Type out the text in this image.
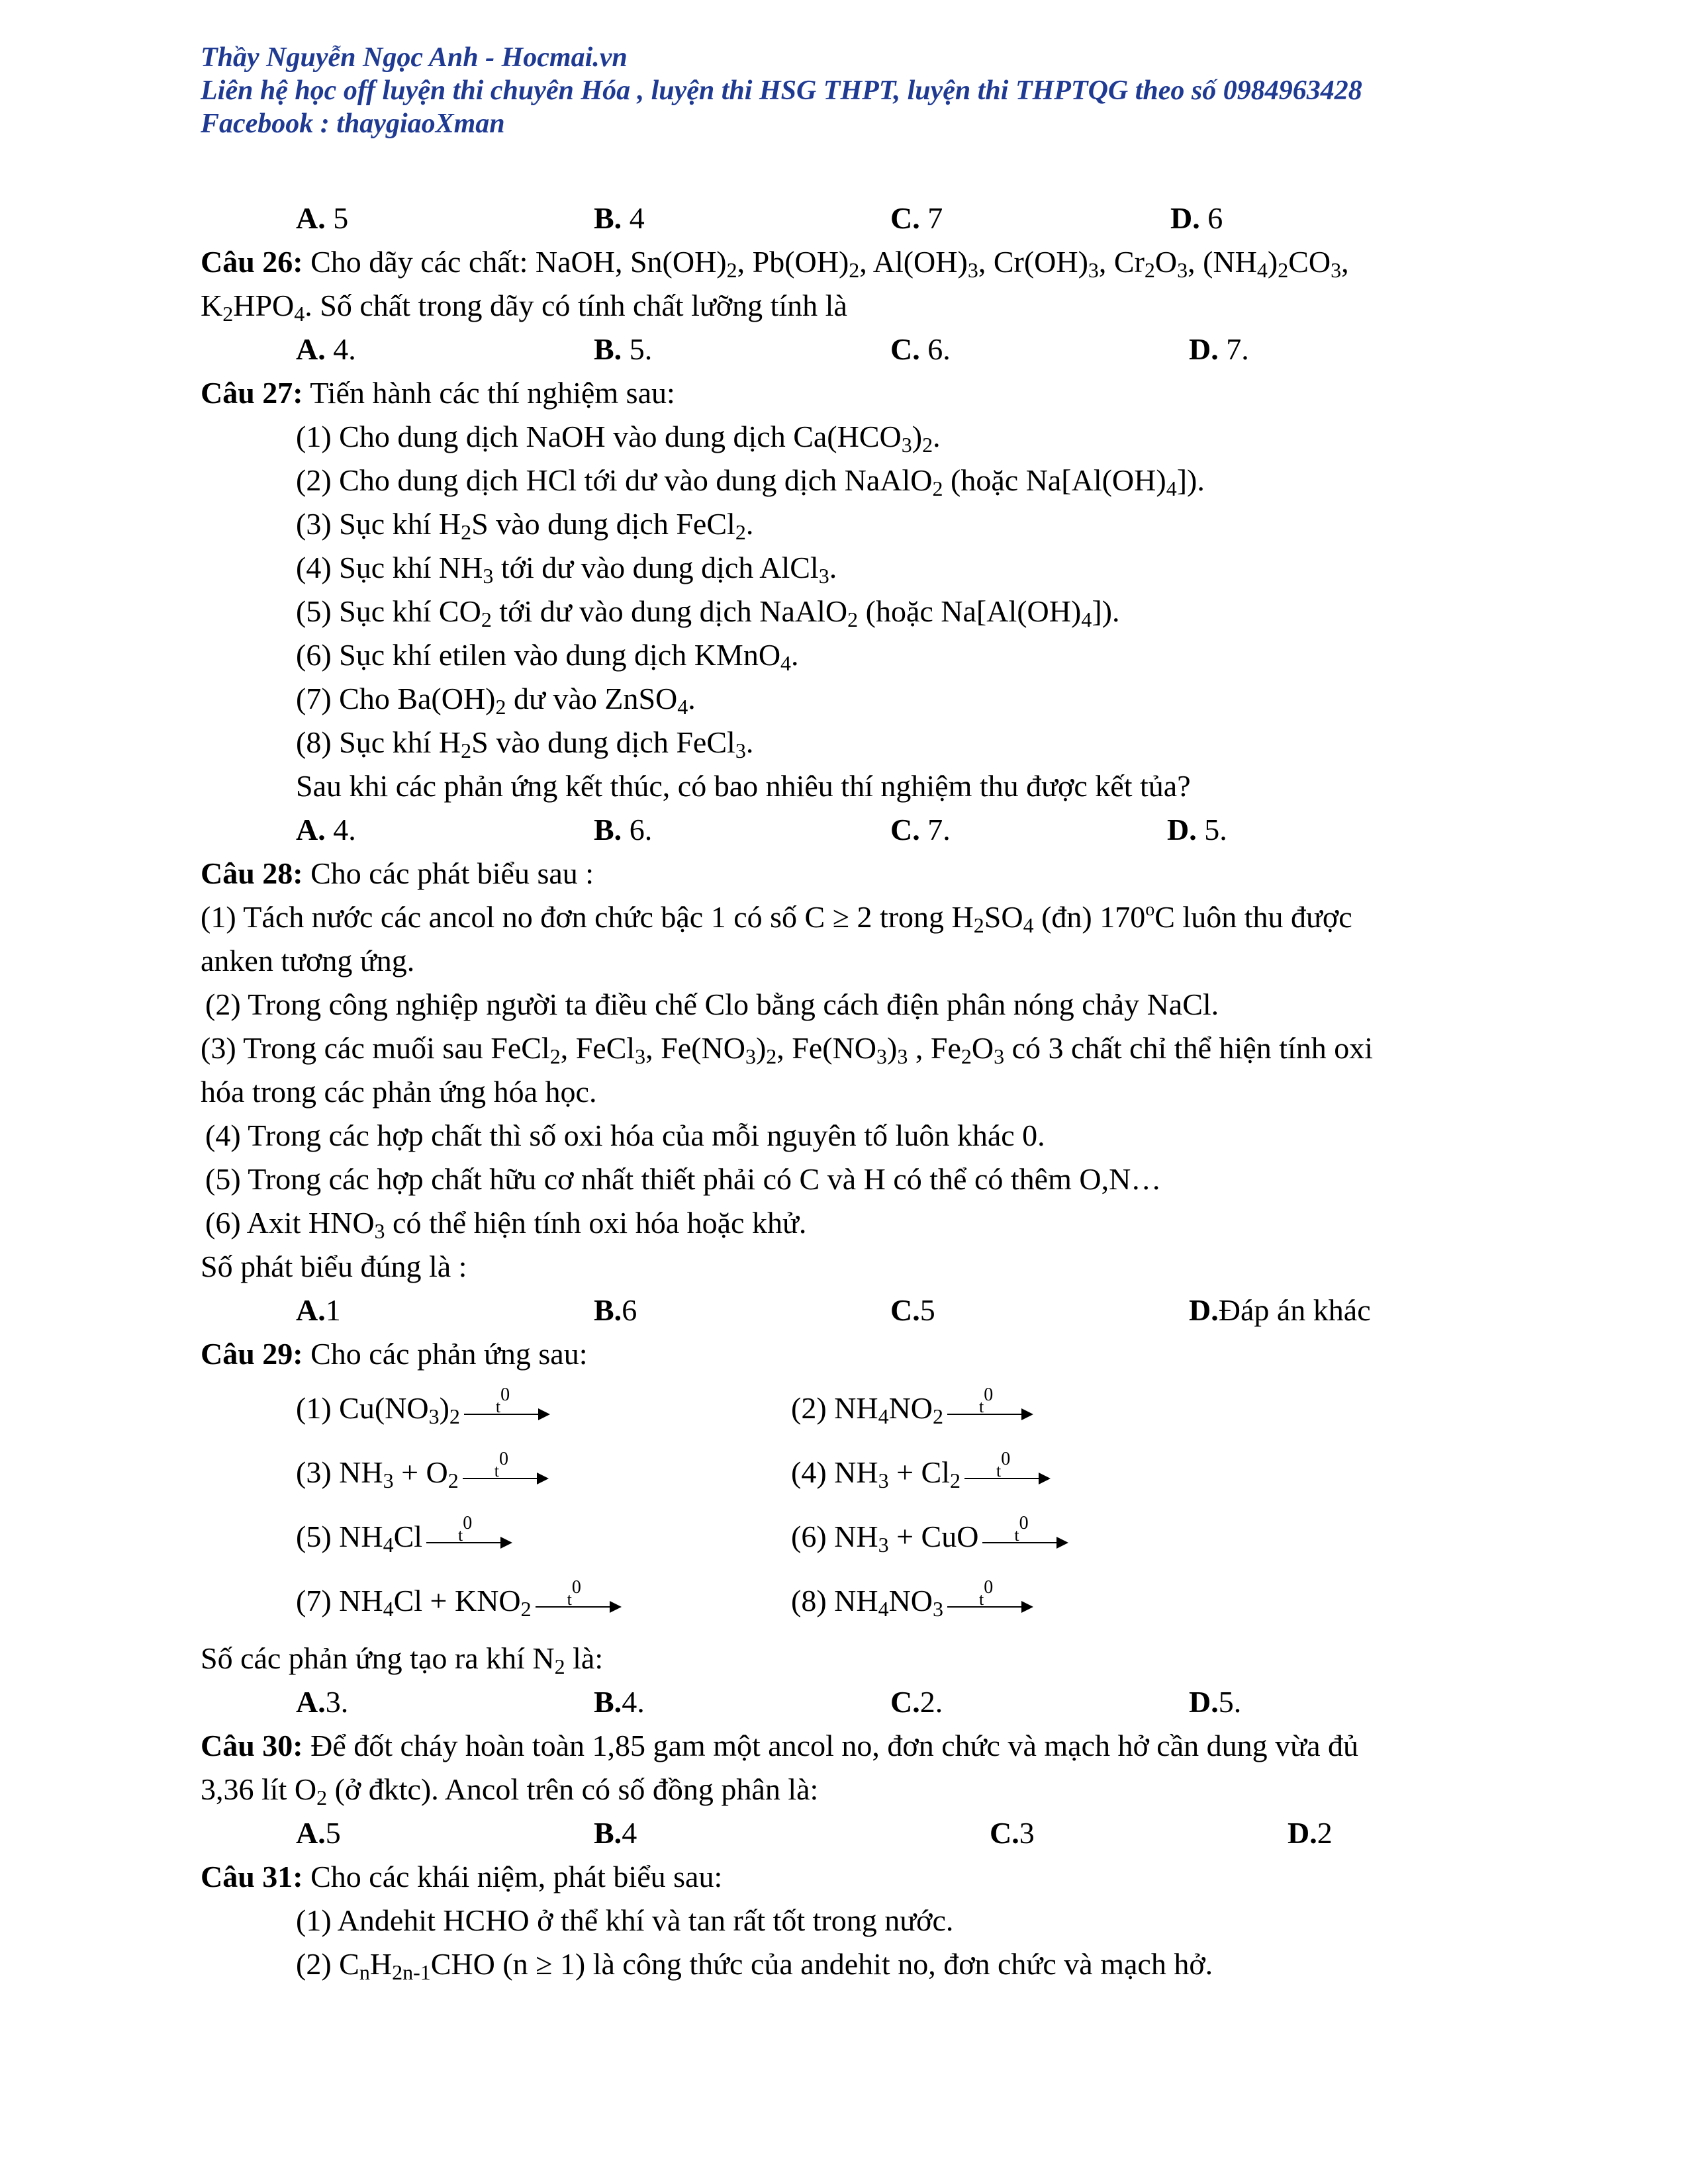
Thầy Nguyễn Ngọc Anh - Hocmai.vn
Liên hệ học off luyện thi chuyên Hóa , luyện thi HSG THPT, luyện thi THPTQG theo số 0984963428
Facebook : thaygiaoXman
A. 5	B. 4	C. 7	D. 6
Câu 26: Cho dãy các chất: NaOH, $Sn(OH)_2$, $Pb(OH)_2$, $Al(OH)_3$, $Cr(OH)_3$, $Cr_2O_3$, $(NH_4)_2CO_3$,
$K_2HPO_4$. Số chất trong dãy có tính chất lưỡng tính là
A. 4.	B. 5.	C. 6.	D. 7.
Câu 27: Tiến hành các thí nghiệm sau:
(1) Cho dung dịch NaOH vào dung dịch $Ca(HCO_3)_2$.
(2) Cho dung dịch HCl tới dư vào dung dịch NaAlO$_2$ (hoặc $Na[Al(OH)_4]$).
(3) Sục khí $H_2S$ vào dung dịch FeCl$_2$.
(4) Sục khí $NH_3$ tới dư vào dung dịch AlCl$_3$.
(5) Sục khí $CO_2$ tới dư vào dung dịch NaAlO$_2$ (hoặc $Na[Al(OH)_4]$).
(6) Sục khí etilen vào dung dịch KMnO$_4$.
(7) Cho $Ba(OH)_2$ dư vào ZnSO$_4$.
(8) Sục khí $H_2S$ vào dung dịch FeCl$_3$.
Sau khi các phản ứng kết thúc, có bao nhiêu thí nghiệm thu được kết tủa?
A. 4.	B. 6.	C. 7.	D. 5.
Câu 28: Cho các phát biểu sau :
(1) Tách nước các ancol no đơn chức bậc 1 có số C ≥ 2 trong $H_2SO_4$ (đn) 170$^o$C luôn thu được
anken tương ứng.
(2) Trong công nghiệp người ta điều chế Clo bằng cách điện phân nóng chảy NaCl.
(3) Trong các muối sau FeCl$_2$, FeCl$_3$, $Fe(NO_3)_2$, $Fe(NO_3)_3$ , $Fe_2O_3$ có 3 chất chỉ thể hiện tính oxi
hóa trong các phản ứng hóa học.
(4) Trong các hợp chất thì số oxi hóa của mỗi nguyên tố luôn khác 0.
(5) Trong các hợp chất hữu cơ nhất thiết phải có C và H có thể có thêm O,N…
(6) Axit $HNO_3$ có thể hiện tính oxi hóa hoặc khử.
Số phát biểu đúng là :
A.1	B.6	C.5	D.Đáp án khác
Câu 29: Cho các phản ứng sau:
(1) $Cu(NO_3)_2$ $t^0$	(2) $NH_4NO_2$ $t^0$
(3) $NH_3 + O_2$ $t^0$	(4) $NH_3 + Cl_2$ $t^0$
(5) $NH_4Cl$ $t^0$	(6) $NH_3$ + CuO $t^0$
(7) $NH_4Cl + KNO_2$ $t^0$	(8) $NH_4NO_3$ $t^0$
Số các phản ứng tạo ra khí $N_2$ là:
A.3.	B.4.	C.2.	D.5.
Câu 30: Để đốt cháy hoàn toàn 1,85 gam một ancol no, đơn chức và mạch hở cần dung vừa đủ
3,36 lít $O_2$ (ở đktc). Ancol trên có số đồng phân là:
A.5	B.4	C.3	D.2
Câu 31: Cho các khái niệm, phát biểu sau:
(1) Andehit HCHO ở thể khí và tan rất tốt trong nước.
(2) $C_nH_{2n-1}CHO$ (n ≥ 1) là công thức của andehit no, đơn chức và mạch hở.
